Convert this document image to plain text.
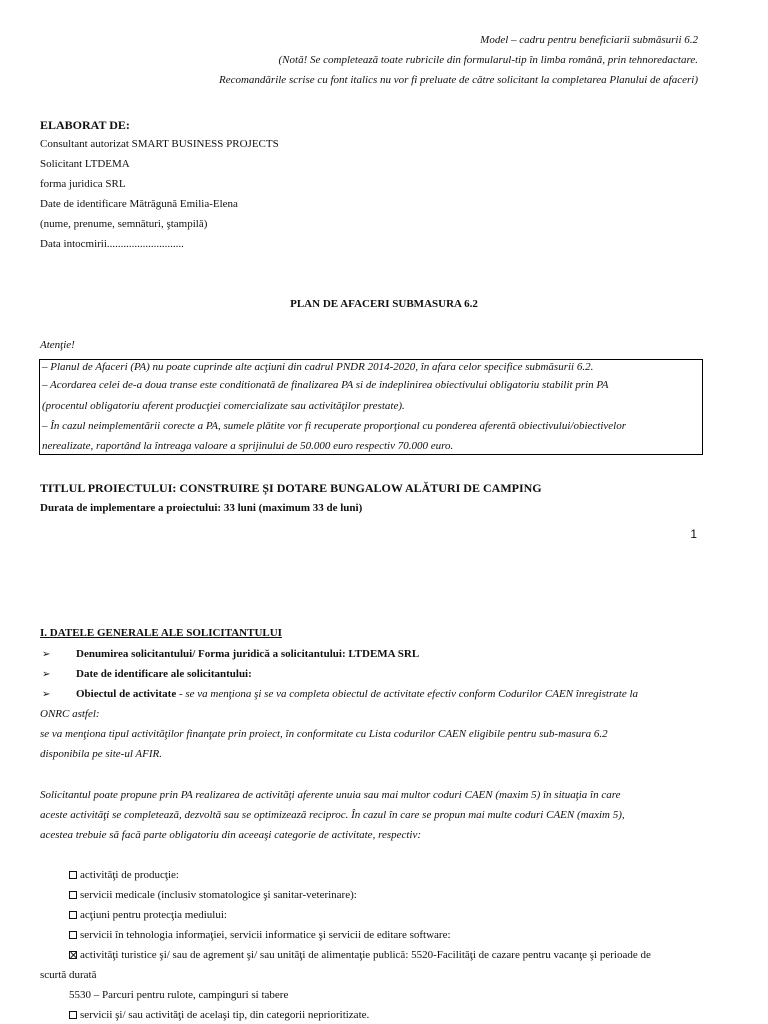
Model – cadru pentru beneficiarii submăsurii 6.2
(Notă! Se completează toate rubricile din formularul-tip în limba română, prin tehnoredactare.
Recomandările scrise cu font italics nu vor fi preluate de către solicitant la completarea Planului de afaceri)
ELABORAT DE:
Consultant autorizat SMART BUSINESS PROJECTS
Solicitant LTDEMA
forma juridica SRL
Date de identificare Mătrăgună Emilia-Elena
(nume, prenume, semnături, ştampilă)
Data intocmirii............................
PLAN DE AFACERI SUBMASURA 6.2
Atenţie!
– Planul de Afaceri (PA) nu poate cuprinde alte acţiuni din cadrul PNDR 2014-2020, în afara celor specifice submăsurii 6.2.
– Acordarea celei de-a doua transe este conditionată de finalizarea PA si de indeplinirea obiectivului obligatoriu stabilit prin PA
(procentul obligatoriu aferent producţiei comercializate sau activităţilor prestate).
– În cazul neimplementării corecte a PA, sumele plătite vor fi recuperate proporţional cu ponderea aferentă obiectivului/obiectivelor
nerealizate, raportând la întreaga valoare a sprijinului de 50.000 euro respectiv 70.000 euro.
TITLUL PROIECTULUI: CONSTRUIRE ȘI DOTARE BUNGALOW ALĂTURI DE CAMPING
Durata de implementare a proiectului: 33 luni (maximum 33 de luni)
1
I. DATELE GENERALE ALE SOLICITANTULUI
➢ Denumirea solicitantului/ Forma juridică a solicitantului: LTDEMA SRL
➢ Date de identificare ale solicitantului:
➢ Obiectul de activitate - se va menţiona şi se va completa obiectul de activitate efectiv conform Codurilor CAEN înregistrate la
ONRC astfel:
se va menţiona tipul activităţilor finanţate prin proiect, în conformitate cu Lista codurilor CAEN eligibile pentru sub-masura 6.2
disponibila pe site-ul AFIR.
Solicitantul poate propune prin PA realizarea de activităţi aferente unuia sau mai multor coduri CAEN (maxim 5) în situaţia în care
aceste activităţi se completează, dezvoltă sau se optimizează reciproc. În cazul în care se propun mai multe coduri CAEN (maxim 5),
acestea trebuie să facă parte obligatoriu din aceeaşi categorie de activitate, respectiv:
activităţi de producţie:
servicii medicale (inclusiv stomatologice şi sanitar-veterinare):
acţiuni pentru protecţia mediului:
servicii în tehnologia informaţiei, servicii informatice şi servicii de editare software:
activităţi turistice şi/ sau de agrement şi/ sau unităţi de alimentaţie publică: 5520-Facilităţi de cazare pentru vacanţe şi perioade de
scurtă durată
5530 – Parcuri pentru rulote, campinguri si tabere
servicii şi/ sau activităţi de acelaşi tip, din categorii neprioritizate.
